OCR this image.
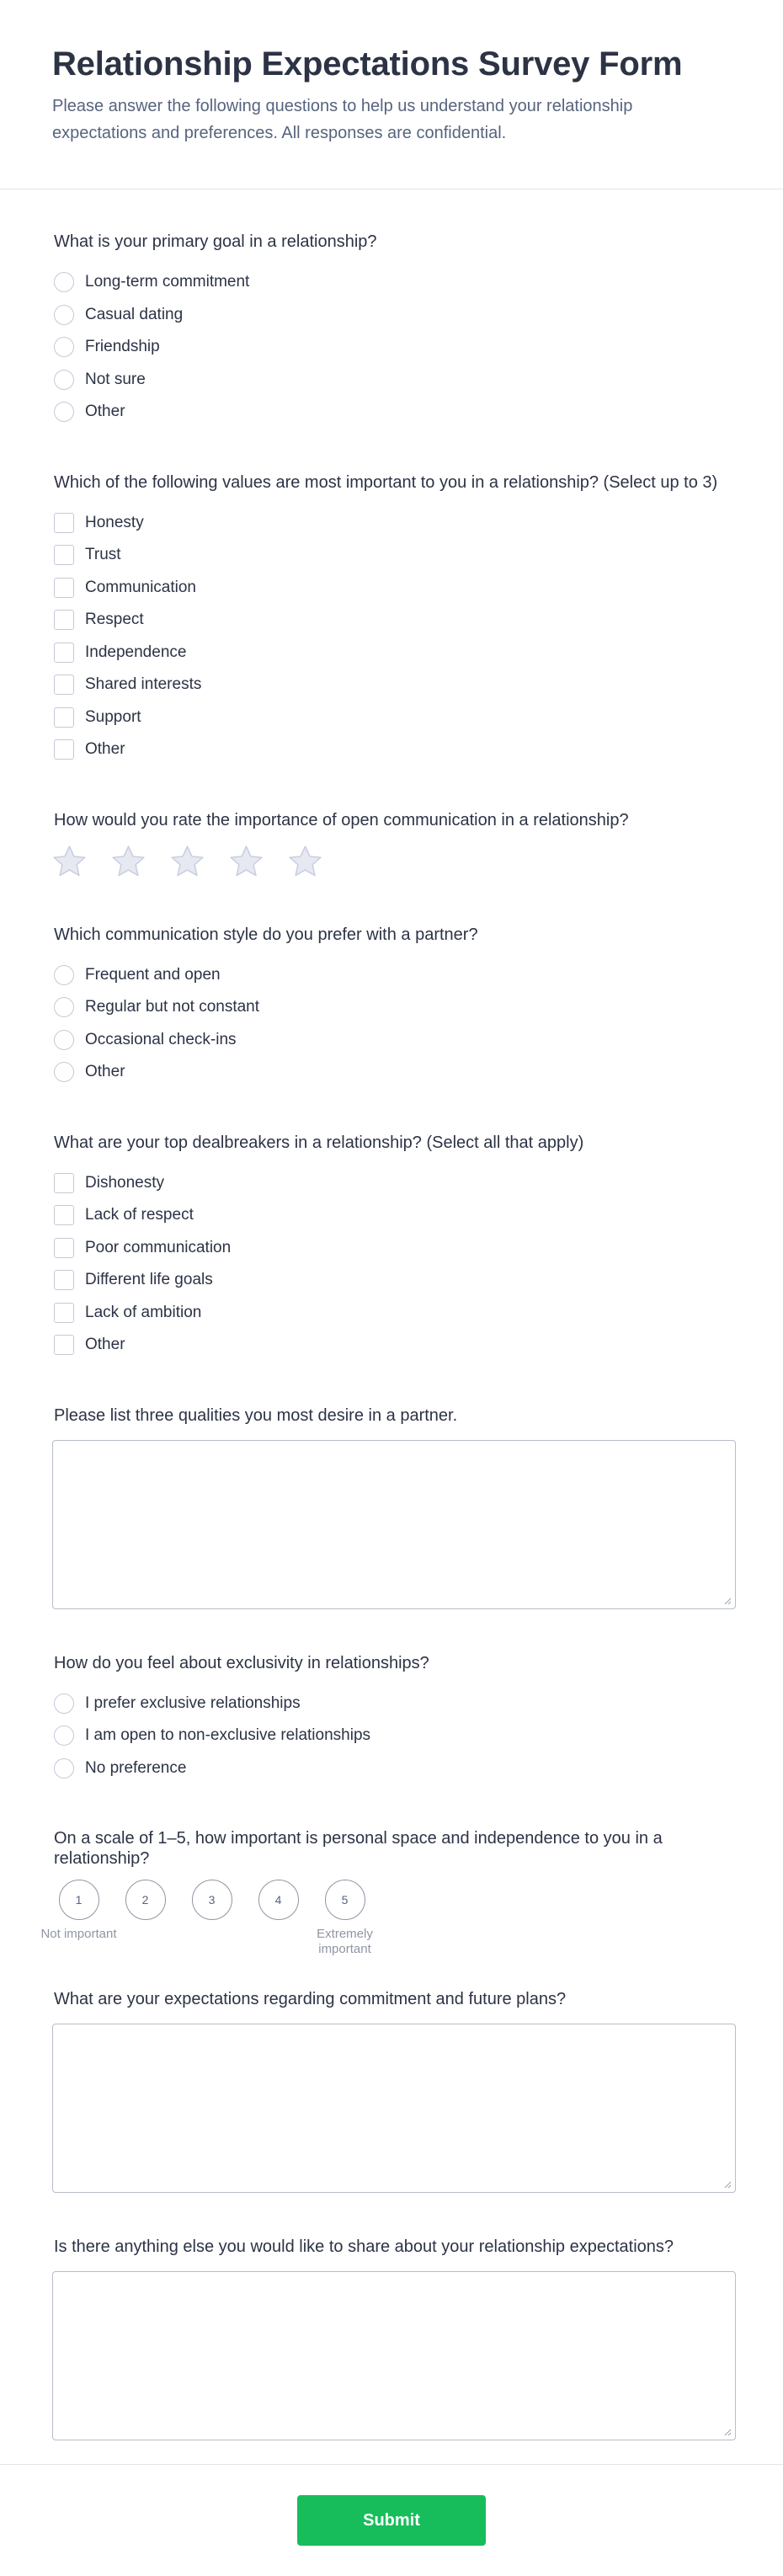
Relationship Expectations Survey Form

Please answer the following questions to help us understand your relationship expectations and preferences. All responses are confidential.

What is your primary goal in a relationship?
Long-term commitment
Casual dating
Friendship
Not sure
Other
Which of the following values are most important to you in a relationship? (Select up to 3)
Honesty
Trust
Communication
Respect
Independence
Shared interests
Support
Other
How would you rate the importance of open communication in a relationship?
Which communication style do you prefer with a partner?
Frequent and open
Regular but not constant
Occasional check-ins
Other
What are your top dealbreakers in a relationship? (Select all that apply)
Dishonesty
Lack of respect
Poor communication
Different life goals
Lack of ambition
Other
Please list three qualities you most desire in a partner.
How do you feel about exclusivity in relationships?
I prefer exclusive relationships
I am open to non-exclusive relationships
No preference
On a scale of 1–5, how important is personal space and independence to you in a relationship?
1
Not important
2	3	4	5
Extremely important
What are your expectations regarding commitment and future plans?
Is there anything else you would like to share about your relationship expectations?
Submit
